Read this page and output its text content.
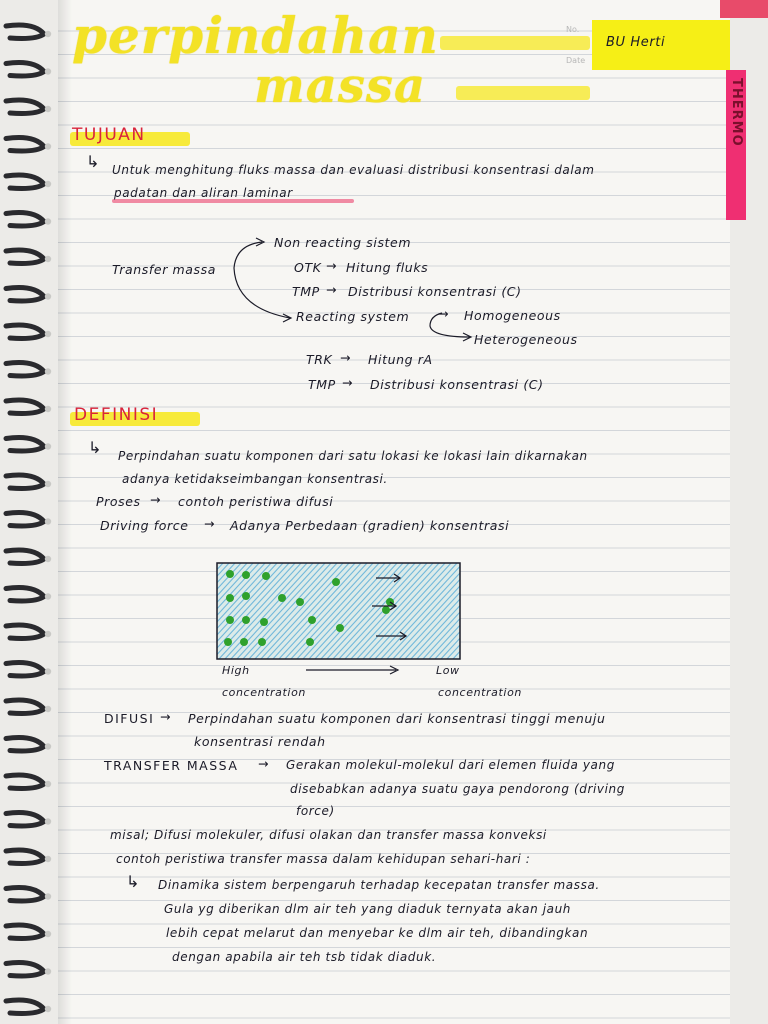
THERMO
BU Herti
No.
Date
perpindahan
massa
TUJUAN
↳ Untuk menghitung fluks massa dan evaluasi distribusi konsentrasi dalam
padatan dan aliran laminar
Transfer massa
Non reacting sistem
OTK → Hitung fluks
TMP → Distribusi konsentrasi (C)
Reacting system → Homogeneous
Heterogeneous
TRK → Hitung rA
TMP → Distribusi konsentrasi (C)
DEFINISI
↳ Perpindahan suatu komponen dari satu lokasi ke lokasi lain dikarnakan
adanya ketidakseimbangan konsentrasi.
Proses → contoh peristiwa difusi
Driving force → Adanya Perbedaan (gradien) konsentrasi
High
concentration
Low
concentration
DIFUSI → Perpindahan suatu komponen dari konsentrasi tinggi menuju
konsentrasi rendah
TRANSFER MASSA → Gerakan molekul-molekul dari elemen fluida yang
disebabkan adanya suatu gaya pendorong (driving
force)
misal; Difusi molekuler, difusi olakan dan transfer massa konveksi
contoh peristiwa transfer massa dalam kehidupan sehari-hari :
↳ Dinamika sistem berpengaruh terhadap kecepatan transfer massa.
Gula yg diberikan dlm air teh yang diaduk ternyata akan jauh
lebih cepat melarut dan menyebar ke dlm air teh, dibandingkan
dengan apabila air teh tsb tidak diaduk.
